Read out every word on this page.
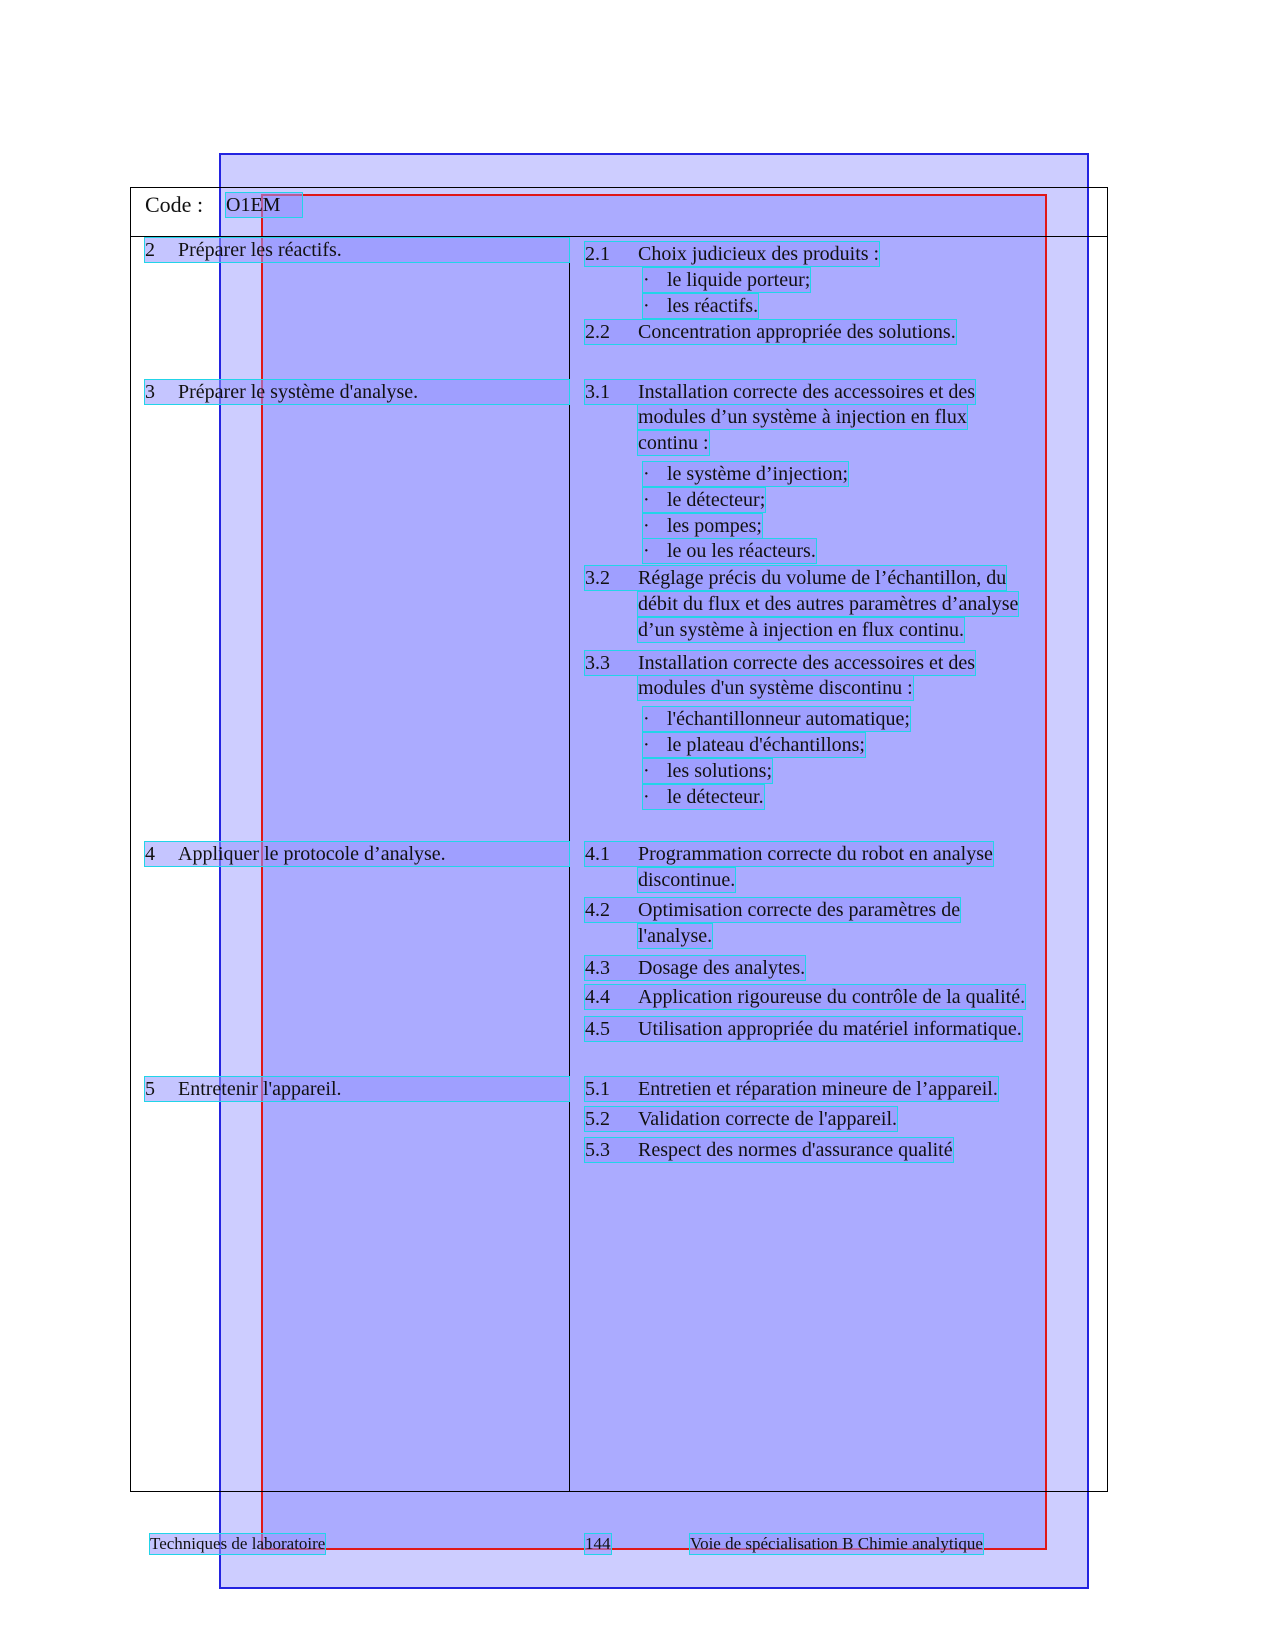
Code : O1EM
2 Préparer les réactifs.
3 Préparer le système d'analyse.
4 Appliquer le protocole d’analyse.
5 Entretenir l'appareil.
2.1 Choix judicieux des produits :
· le liquide porteur;
· les réactifs.
2.2 Concentration appropriée des solutions.
3.1 Installation correcte des accessoires et des
modules d’un système à injection en flux
continu :
· le système d’injection;
· le détecteur;
· les pompes;
· le ou les réacteurs.
3.2 Réglage précis du volume de l’échantillon, du
débit du flux et des autres paramètres d’analyse
d’un système à injection en flux continu.
3.3 Installation correcte des accessoires et des
modules d'un système discontinu :
· l'échantillonneur automatique;
· le plateau d'échantillons;
· les solutions;
· le détecteur.
4.1 Programmation correcte du robot en analyse
discontinue.
4.2 Optimisation correcte des paramètres de
l'analyse.
4.3 Dosage des analytes.
4.4 Application rigoureuse du contrôle de la qualité.
4.5 Utilisation appropriée du matériel informatique.
5.1 Entretien et réparation mineure de l’appareil.
5.2 Validation correcte de l'appareil.
5.3 Respect des normes d'assurance qualité
Techniques de laboratoire	144	Voie de spécialisation B Chimie analytique
